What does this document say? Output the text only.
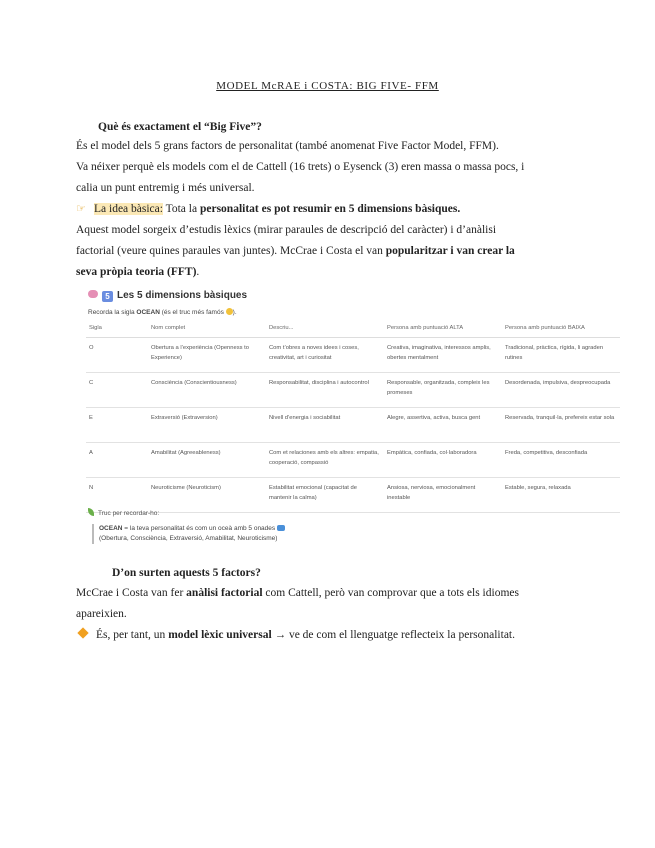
MODEL McRAE i COSTA: BIG FIVE- FFM
Què és exactament el “Big Five”?
És el model dels 5 grans factors de personalitat (també anomenat Five Factor Model, FFM).
Va néixer perquè els models com el de Cattell (16 trets) o Eysenck (3) eren massa o massa pocs, i
calia un punt entremig i més universal.
☞ La idea bàsica: Tota la personalitat es pot resumir en 5 dimensions bàsiques.
Aquest model sorgeix d’estudis lèxics (mirar paraules de descripció del caràcter) i d’anàlisi
factorial (veure quines paraules van juntes). McCrae i Costa el van popularitzar i van crear la
seva pròpia teoria (FFT).
5 Les 5 dimensions bàsiques
Recorda la sigla OCEAN (és el truc més famós ).
Sigla	Nom complet	Descriu...	Persona amb puntuació ALTA	Persona amb puntuació BAIXA
O	Obertura a l’experiència (Openness to Experience)	Com t’obres a noves idees i coses, creativitat, art i curiositat	Creativa, imaginativa, interessos amplis, obertes mentalment	Tradicional, pràctica, rígida, li agraden rutines
C	Consciència (Conscientiousness)	Responsabilitat, disciplina i autocontrol	Responsable, organitzada, compleix les promeses	Desordenada, impulsiva, despreocupada
E	Extraversió (Extraversion)	Nivell d’energia i sociabilitat	Alegre, assertiva, activa, busca gent	Reservada, tranquil·la, prefereix estar sola
A	Amabilitat (Agreeableness)	Com et relaciones amb els altres: empatia, cooperació, compassió	Empàtica, confiada, col·laboradora	Freda, competitiva, desconfiada
N	Neuroticisme (Neuroticism)	Estabilitat emocional (capacitat de mantenir la calma)	Ansiosa, nerviosa, emocionalment inestable	Estable, segura, relaxada
Truc per recordar-ho:
OCEAN = la teva personalitat és com un oceà amb 5 onades
(Obertura, Consciència, Extraversió, Amabilitat, Neuroticisme)
D’on surten aquests 5 factors?
McCrae i Costa van fer anàlisi factorial com Cattell, però van comprovar que a tots els idiomes
apareixien.
És, per tant, un model lèxic universal → ve de com el llenguatge reflecteix la personalitat.
